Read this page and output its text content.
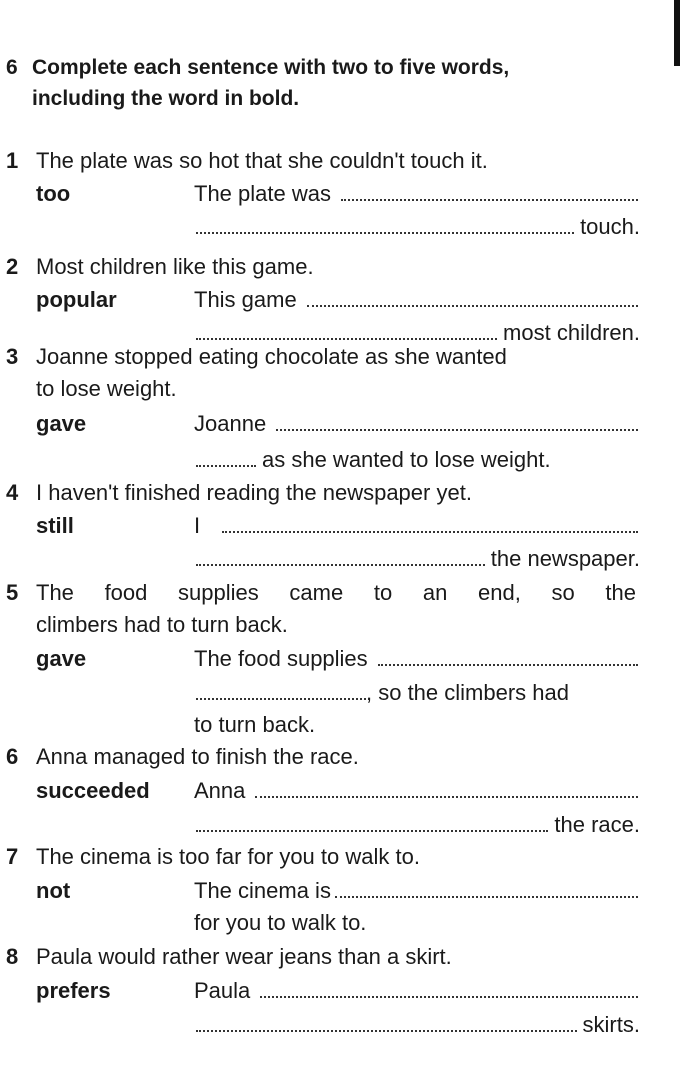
6 Complete each sentence with two to five words,
including the word in bold.
1 The plate was so hot that she couldn't touch it.
too	The plate was
touch.
2 Most children like this game.
popular	This game
most children.
3 Joanne stopped eating chocolate as she wanted
to lose weight.
gave	Joanne
as she wanted to lose weight.
4 I haven't finished reading the newspaper yet.
still	I
the newspaper.
5 The food supplies came to an end, so the
climbers had to turn back.
gave	The food supplies
, so the climbers had
to turn back.
6 Anna managed to finish the race.
succeeded Anna
the race.
7 The cinema is too far for you to walk to.
not	The cinema is
for you to walk to.
8 Paula would rather wear jeans than a skirt.
prefers	Paula
skirts.
